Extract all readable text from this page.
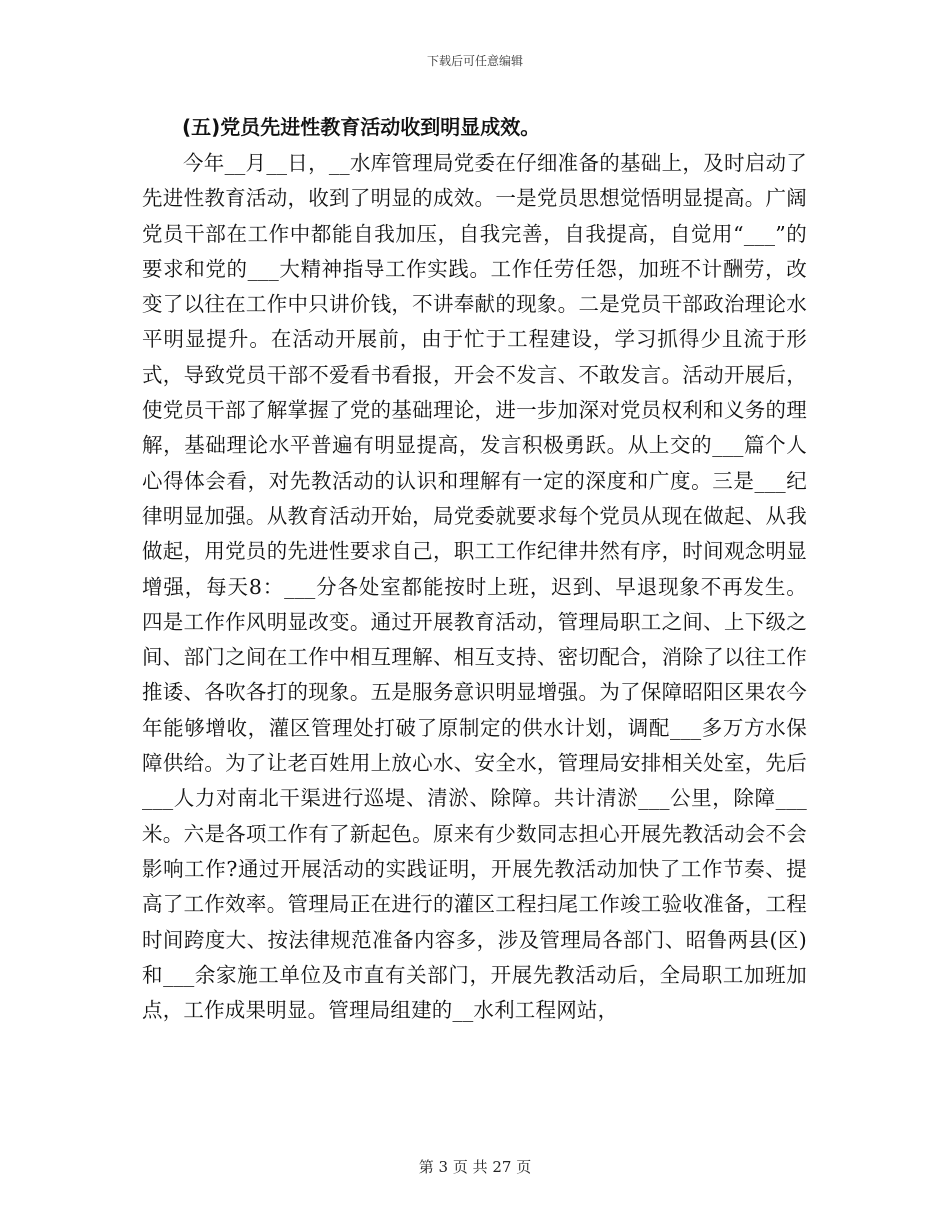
下载后可任意编辑
(五)党员先进性教育活动收到明显成效。

今年__月__日，__水库管理局党委在仔细准备的基础上，及时启动了先进性教育活动，收到了明显的成效。一是党员思想觉悟明显提高。广阔党员干部在工作中都能自我加压，自我完善，自我提高，自觉用“___”的要求和党的___大精神指导工作实践。工作任劳任怨，加班不计酬劳，改变了以往在工作中只讲价钱，不讲奉献的现象。二是党员干部政治理论水平明显提升。在活动开展前，由于忙于工程建设，学习抓得少且流于形式，导致党员干部不爱看书看报，开会不发言、不敢发言。活动开展后，使党员干部了解掌握了党的基础理论，进一步加深对党员权利和义务的理解，基础理论水平普遍有明显提高，发言积极勇跃。从上交的___篇个人心得体会看，对先教活动的认识和理解有一定的深度和广度。三是___纪律明显加强。从教育活动开始，局党委就要求每个党员从现在做起、从我做起，用党员的先进性要求自己，职工工作纪律井然有序，时间观念明显增强，每天8：___分各处室都能按时上班，迟到、早退现象不再发生。四是工作作风明显改变。通过开展教育活动，管理局职工之间、上下级之间、部门之间在工作中相互理解、相互支持、密切配合，消除了以往工作推诿、各吹各打的现象。五是服务意识明显增强。为了保障昭阳区果农今年能够增收，灌区管理处打破了原制定的供水计划，调配___多万方水保障供给。为了让老百姓用上放心水、安全水，管理局安排相关处室，先后___人力对南北干渠进行巡堤、清淤、除障。共计清淤___公里，除障___米。六是各项工作有了新起色。原来有少数同志担心开展先教活动会不会影响工作?通过开展活动的实践证明，开展先教活动加快了工作节奏、提高了工作效率。管理局正在进行的灌区工程扫尾工作竣工验收准备，工程时间跨度大、按法律规范准备内容多，涉及管理局各部门、昭鲁两县(区)和___余家施工单位及市直有关部门，开展先教活动后，全局职工加班加点，工作成果明显。管理局组建的__水利工程网站，

第 3 页 共 27 页
